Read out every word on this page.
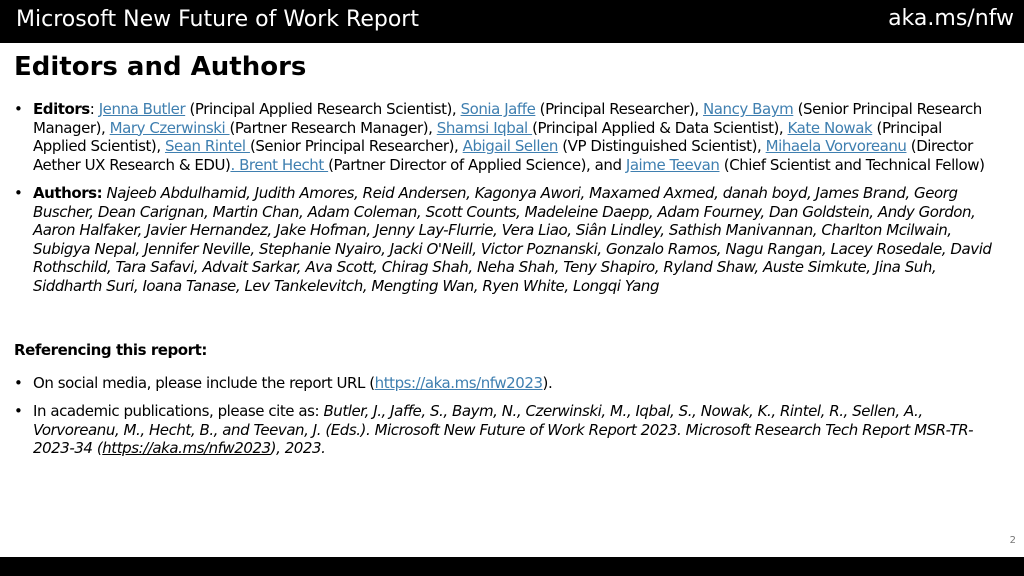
Microsoft New Future of Work Report	aka.ms/nfw
Editors and Authors
• Editors: Jenna Butler (Principal Applied Research Scientist), Sonia Jaffe (Principal Researcher), Nancy Baym (Senior Principal Research Manager), Mary Czerwinski (Partner Research Manager), Shamsi Iqbal (Principal Applied & Data Scientist), Kate Nowak (Principal Applied Scientist), Sean Rintel (Senior Principal Researcher), Abigail Sellen (VP Distinguished Scientist), Mihaela Vorvoreanu (Director Aether UX Research & EDU). Brent Hecht (Partner Director of Applied Science), and Jaime Teevan (Chief Scientist and Technical Fellow)
• Authors: Najeeb Abdulhamid, Judith Amores, Reid Andersen, Kagonya Awori, Maxamed Axmed, danah boyd, James Brand, Georg Buscher, Dean Carignan, Martin Chan, Adam Coleman, Scott Counts, Madeleine Daepp, Adam Fourney, Dan Goldstein, Andy Gordon, Aaron Halfaker, Javier Hernandez, Jake Hofman, Jenny Lay-Flurrie, Vera Liao, Siân Lindley, Sathish Manivannan, Charlton Mcilwain, Subigya Nepal, Jennifer Neville, Stephanie Nyairo, Jacki O'Neill, Victor Poznanski, Gonzalo Ramos, Nagu Rangan, Lacey Rosedale, David Rothschild, Tara Safavi, Advait Sarkar, Ava Scott, Chirag Shah, Neha Shah, Teny Shapiro, Ryland Shaw, Auste Simkute, Jina Suh, Siddharth Suri, Ioana Tanase, Lev Tankelevitch, Mengting Wan, Ryen White, Longqi Yang
Referencing this report:
• On social media, please include the report URL (https://aka.ms/nfw2023).
• In academic publications, please cite as: Butler, J., Jaffe, S., Baym, N., Czerwinski, M., Iqbal, S., Nowak, K., Rintel, R., Sellen, A., Vorvoreanu, M., Hecht, B., and Teevan, J. (Eds.). Microsoft New Future of Work Report 2023. Microsoft Research Tech Report MSR-TR-2023-34 (https://aka.ms/nfw2023), 2023.
2
